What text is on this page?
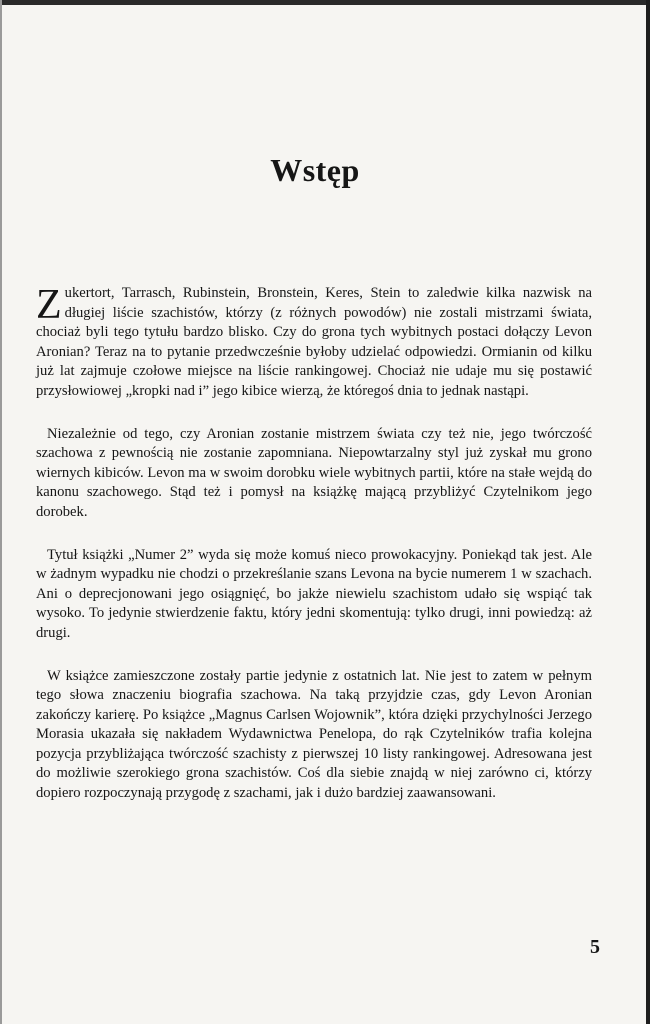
Wstęp

Zukertort, Tarrasch, Rubinstein, Bronstein, Keres, Stein to zaledwie kilka nazwisk na długiej liście szachistów, którzy (z różnych powodów) nie zostali mistrzami świata, chociaż byli tego tytułu bardzo blisko. Czy do grona tych wybitnych postaci dołączy Levon Aronian? Teraz na to pytanie przedwcześnie byłoby udzielać odpowiedzi. Ormianin od kilku już lat zajmuje czołowe miejsce na liście rankingowej. Chociaż nie udaje mu się postawić przysłowiowej „kropki nad i” jego kibice wierzą, że któregoś dnia to jednak nastąpi.

Niezależnie od tego, czy Aronian zostanie mistrzem świata czy też nie, jego twórczość szachowa z pewnością nie zostanie zapomniana. Niepowtarzalny styl już zyskał mu grono wiernych kibiców. Levon ma w swoim dorobku wiele wybitnych partii, które na stałe wejdą do kanonu szachowego. Stąd też i pomysł na książkę mającą przybliżyć Czytelnikom jego dorobek.

Tytuł książki „Numer 2” wyda się może komuś nieco prowokacyjny. Poniekąd tak jest. Ale w żadnym wypadku nie chodzi o przekreślanie szans Levona na bycie numerem 1 w szachach. Ani o deprecjonowani jego osiągnięć, bo jakże niewielu szachistom udało się wspiąć tak wysoko. To jedynie stwierdzenie faktu, który jedni skomentują: tylko drugi, inni powiedzą: aż drugi.

W książce zamieszczone zostały partie jedynie z ostatnich lat. Nie jest to zatem w pełnym tego słowa znaczeniu biografia szachowa. Na taką przyjdzie czas, gdy Levon Aronian zakończy karierę. Po książce „Magnus Carlsen Wojownik”, która dzięki przychylności Jerzego Morasia ukazała się nakładem Wydawnictwa Penelopa, do rąk Czytelników trafia kolejna pozycja przybliżająca twórczość szachisty z pierwszej 10 listy rankingowej. Adresowana jest do możliwie szerokiego grona szachistów. Coś dla siebie znajdą w niej zarówno ci, którzy dopiero rozpoczynają przygodę z szachami, jak i dużo bardziej zaawansowani.

5
